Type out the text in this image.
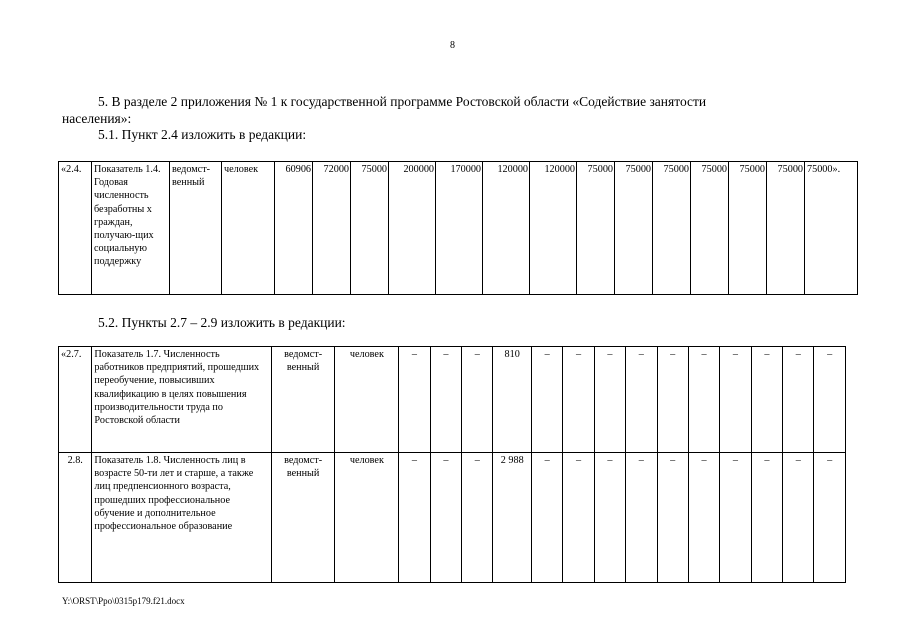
8
5. В разделе 2 приложения № 1 к государственной программе Ростовской области «Содействие занятости
населения»:
5.1. Пункт 2.4 изложить в редакции:
«2.4.	Показатель 1.4. Годовая численность безработны х граждан, получаю-щих социальную поддержку	ведомст-венный	человек	60906	72000	75000	200000	170000	120000	120000	75000	75000	75000	75000	75000	75000	75000».
5.2. Пункты 2.7 – 2.9 изложить в редакции:
«2.7.	Показатель 1.7. Численность работников предприятий, прошедших переобучение, повысивших квалификацию в целях повышения производительности труда по Ростовской области	ведомст-венный	человек	–	–	–	810	–	–	–	–	–	–	–	–	–	–
2.8.	Показатель 1.8. Численность лиц в возрасте 50-ти лет и старше, а также лиц предпенсионного возраста, прошедших профессиональное обучение и дополнительное профессиональное образование	ведомст-венный	человек	–	–	–	2 988	–	–	–	–	–	–	–	–	–	–
Y:\ORST\Ppo\0315p179.f21.docx
